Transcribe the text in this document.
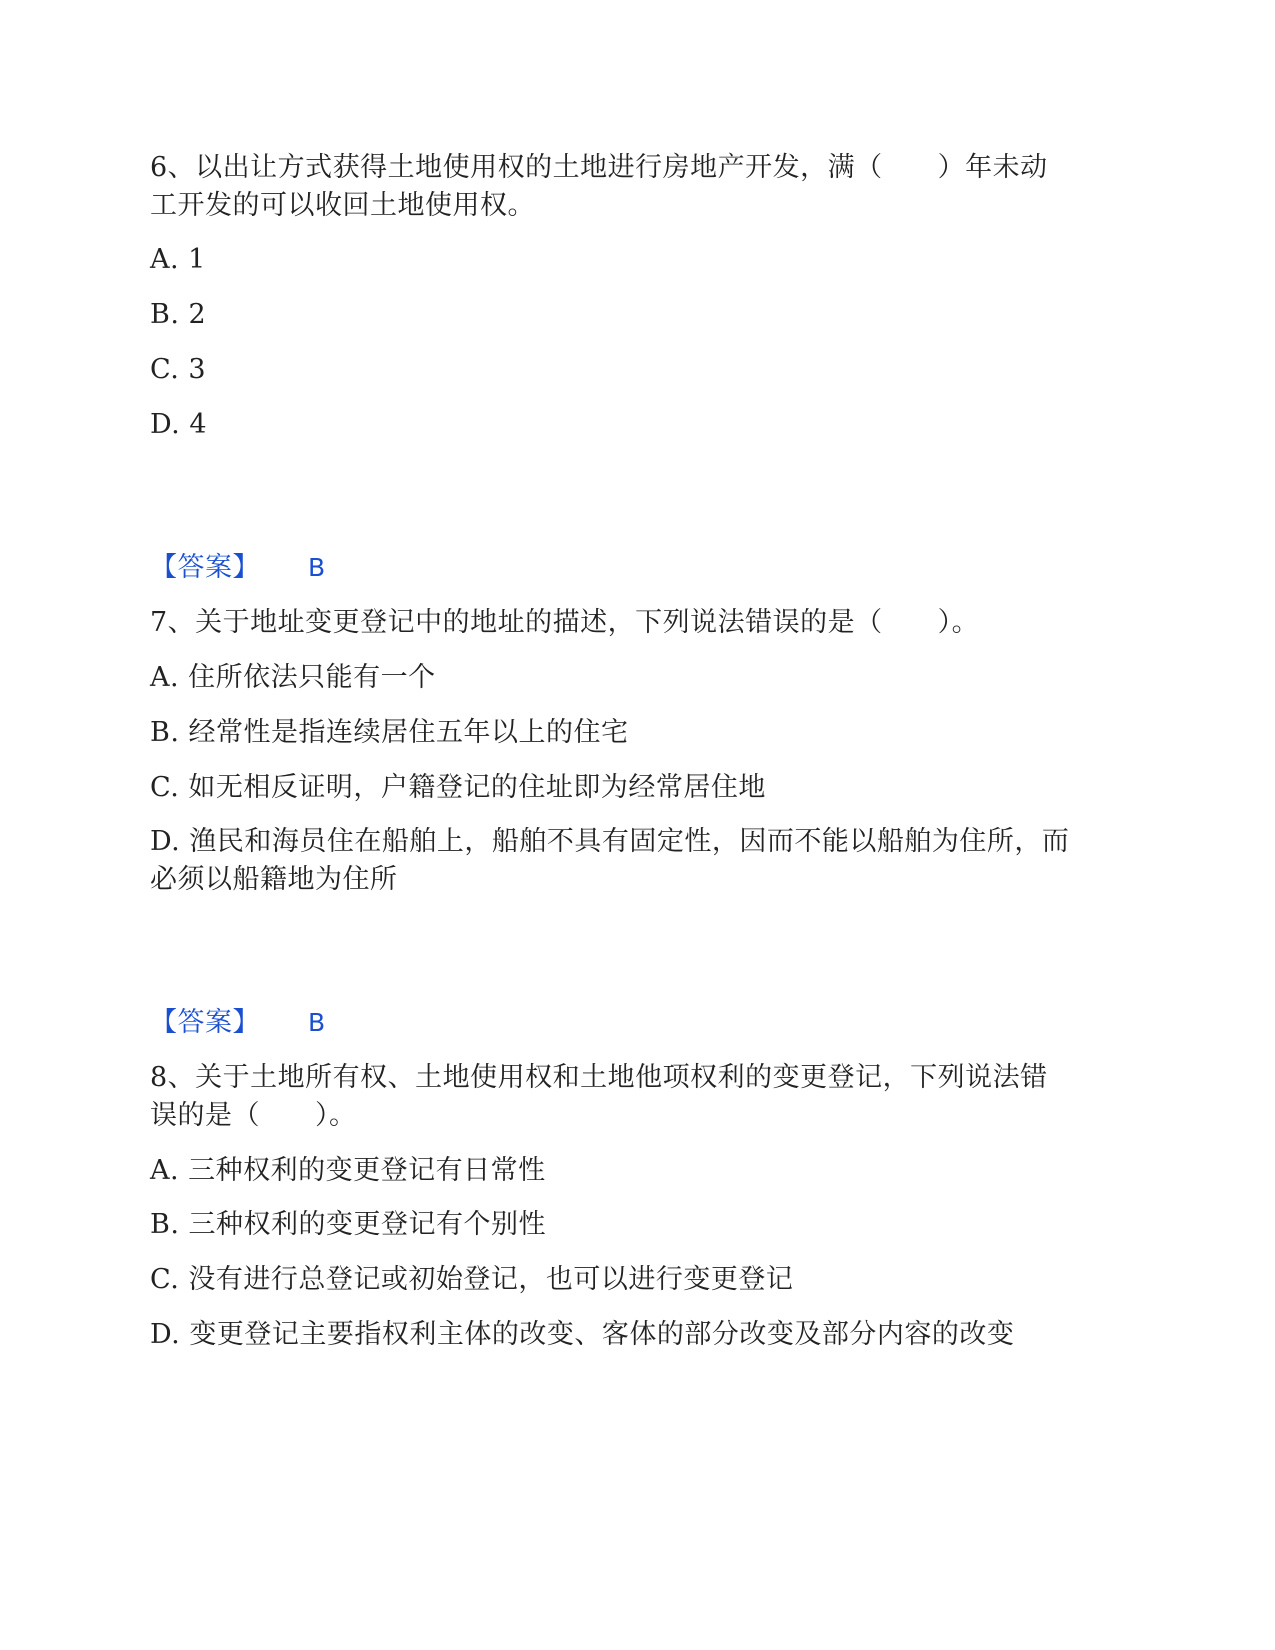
6、以出让方式获得土地使用权的土地进行房地产开发，满（　　）年未动
工开发的可以收回土地使用权。
A. 1
B. 2
C. 3
D. 4
【答案】 B
7、关于地址变更登记中的地址的描述，下列说法错误的是（　　）。
A. 住所依法只能有一个
B. 经常性是指连续居住五年以上的住宅
C. 如无相反证明，户籍登记的住址即为经常居住地
D. 渔民和海员住在船舶上，船舶不具有固定性，因而不能以船舶为住所，而
必须以船籍地为住所
【答案】 B
8、关于土地所有权、土地使用权和土地他项权利的变更登记，下列说法错
误的是（　　）。
A. 三种权利的变更登记有日常性
B. 三种权利的变更登记有个别性
C. 没有进行总登记或初始登记，也可以进行变更登记
D. 变更登记主要指权利主体的改变、客体的部分改变及部分内容的改变
